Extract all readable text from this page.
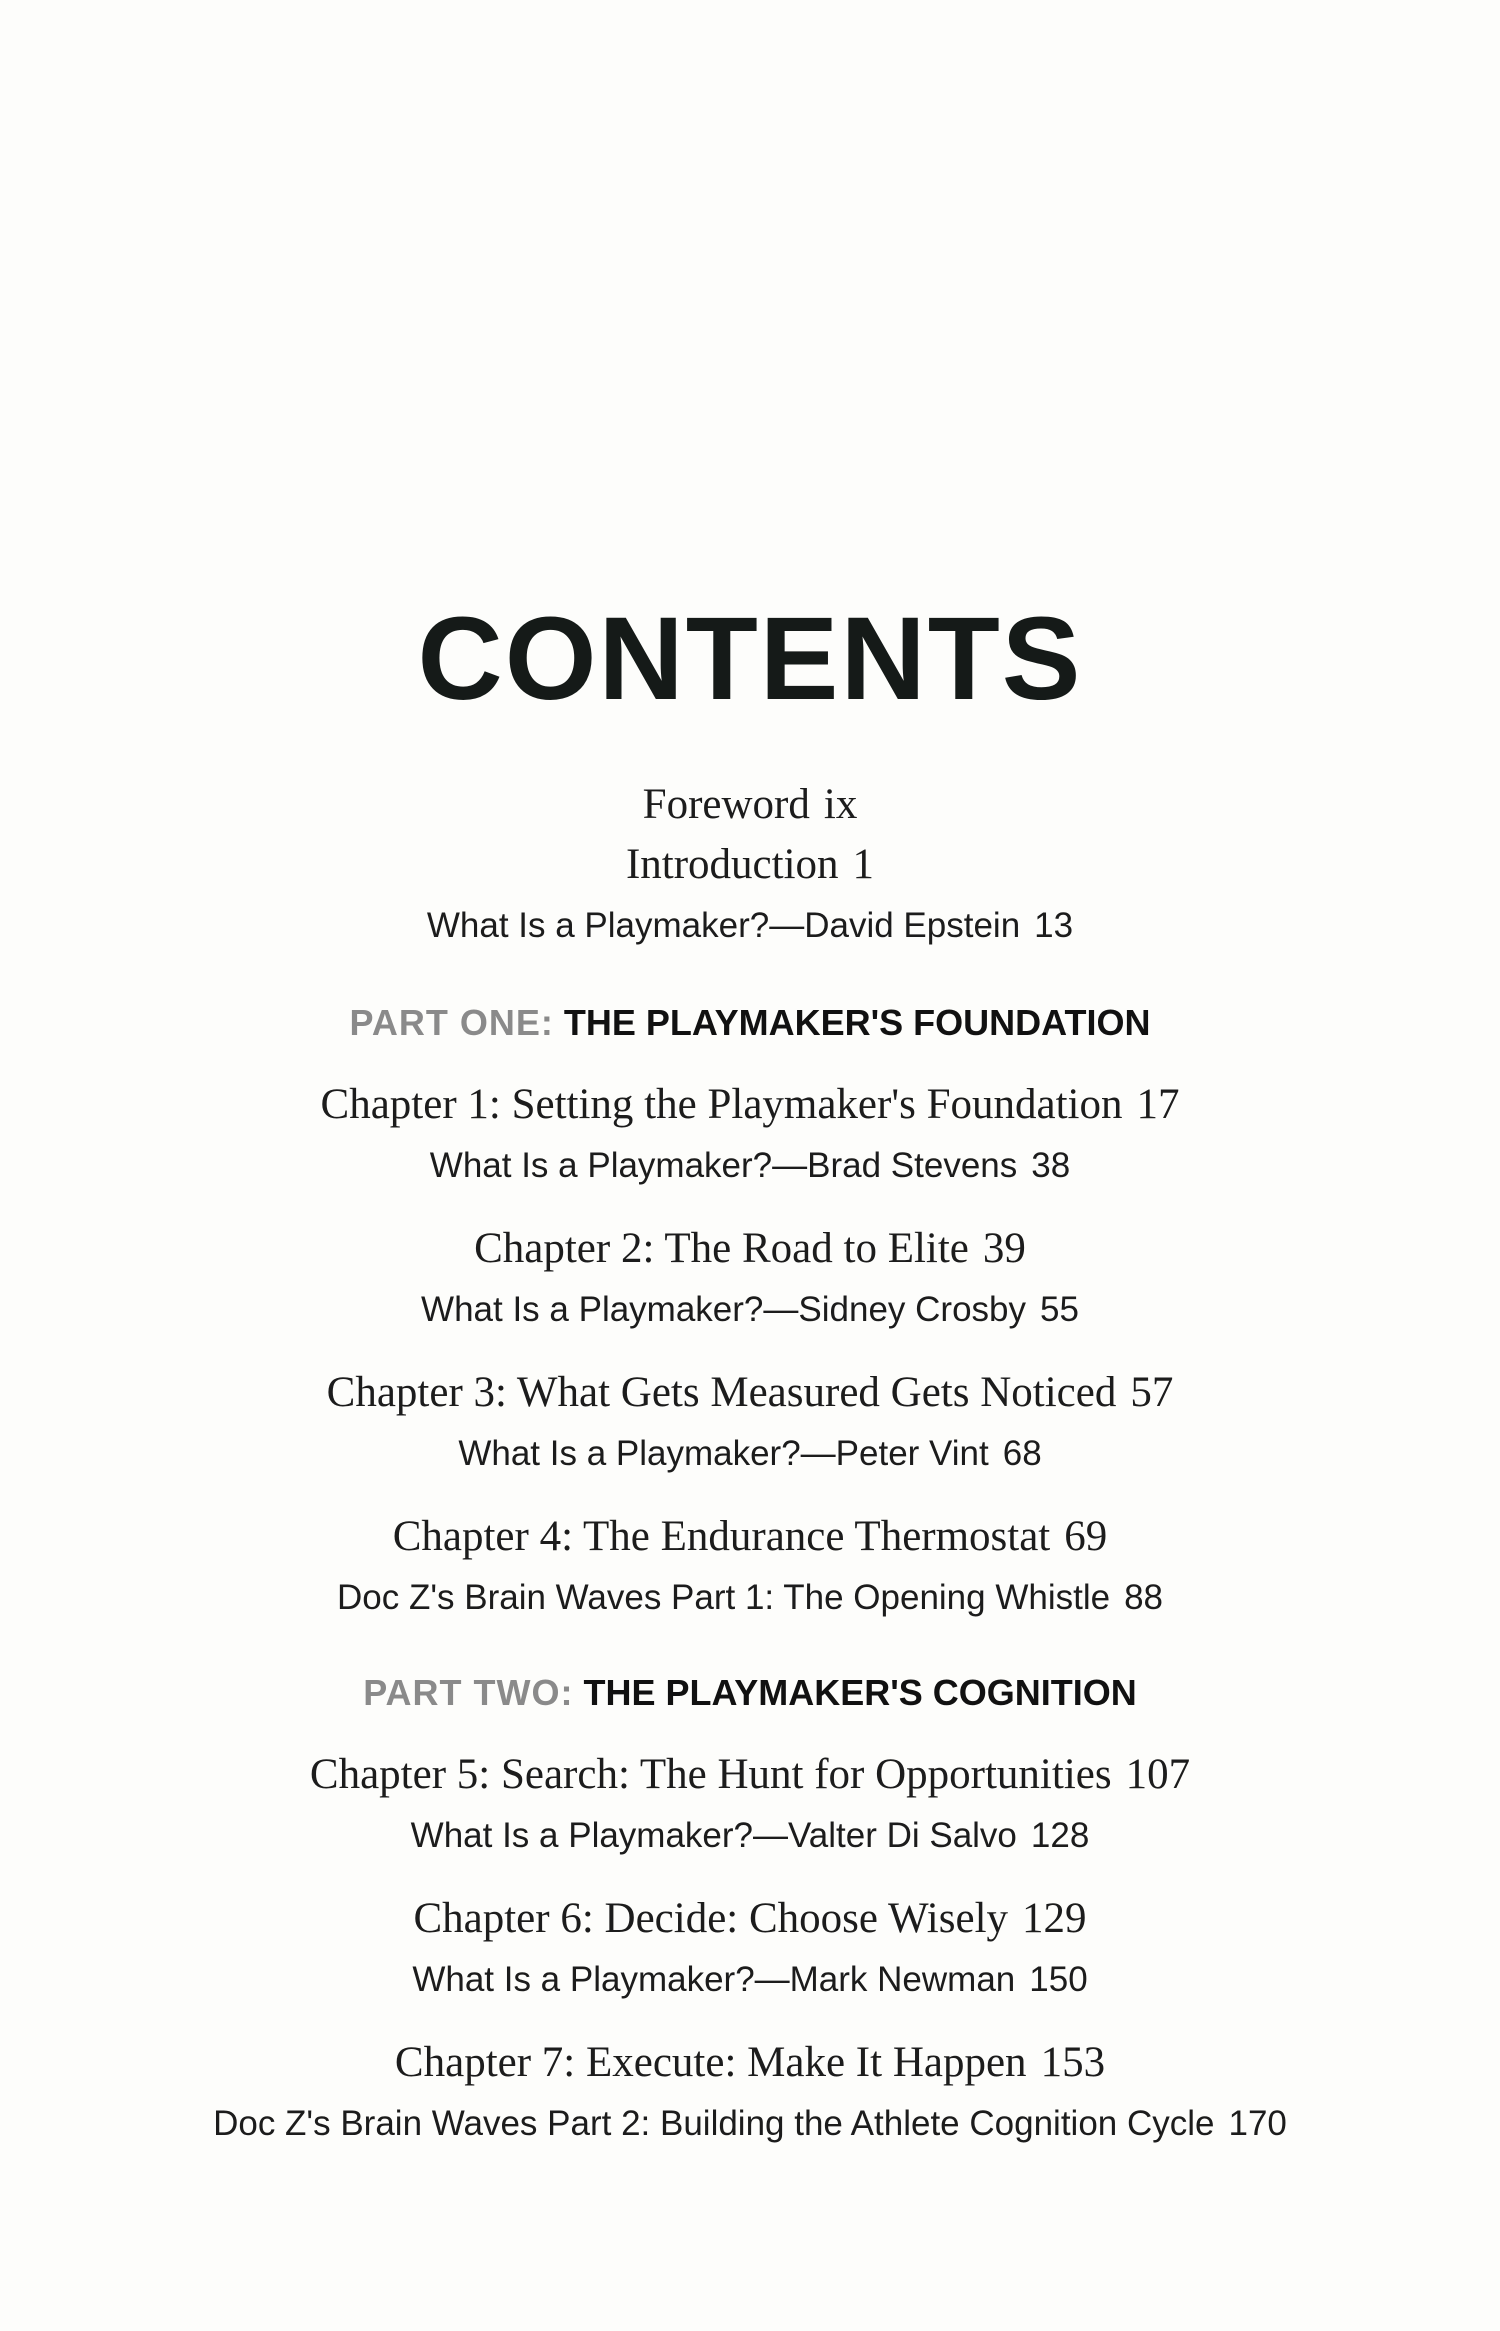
CONTENTS
Foreword ix
Introduction 1
What Is a Playmaker?—David Epstein 13
PART ONE: THE PLAYMAKER'S FOUNDATION
Chapter 1: Setting the Playmaker's Foundation 17
What Is a Playmaker?—Brad Stevens 38
Chapter 2: The Road to Elite 39
What Is a Playmaker?—Sidney Crosby 55
Chapter 3: What Gets Measured Gets Noticed 57
What Is a Playmaker?—Peter Vint 68
Chapter 4: The Endurance Thermostat 69
Doc Z's Brain Waves Part 1: The Opening Whistle 88
PART TWO: THE PLAYMAKER'S COGNITION
Chapter 5: Search: The Hunt for Opportunities 107
What Is a Playmaker?—Valter Di Salvo 128
Chapter 6: Decide: Choose Wisely 129
What Is a Playmaker?—Mark Newman 150
Chapter 7: Execute: Make It Happen 153
Doc Z's Brain Waves Part 2: Building the Athlete Cognition Cycle 170
